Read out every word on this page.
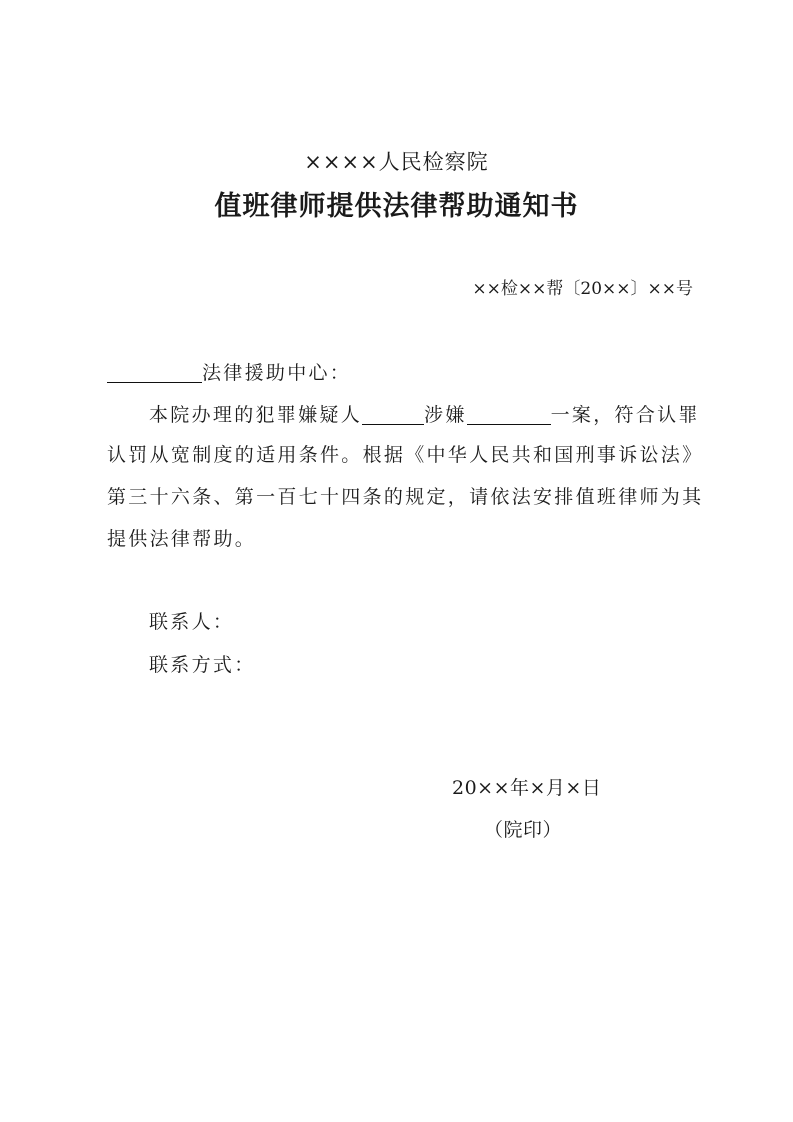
××××人民检察院
值班律师提供法律帮助通知书
××检××帮〔20××〕××号
法律援助中心：
本院办理的犯罪嫌疑人	涉嫌	一案，符合认罪
认罚从宽制度的适用条件。根据《中华人民共和国刑事诉讼法》
第三十六条、第一百七十四条的规定，请依法安排值班律师为其
提供法律帮助。
联系人：
联系方式：
20××年×月×日
（院印）
